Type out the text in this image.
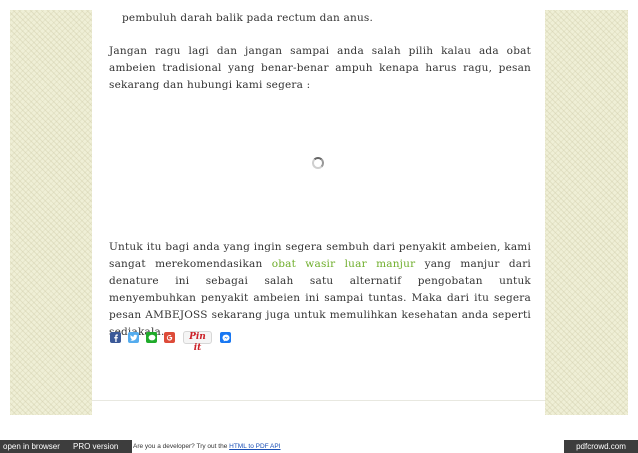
pembuluh darah balik pada rectum dan anus.
Jangan ragu lagi dan jangan sampai anda salah pilih kalau ada obat ambeien tradisional yang benar-benar ampuh kenapa harus ragu, pesan sekarang dan hubungi kami segera :
Untuk itu bagi anda yang ingin segera sembuh dari penyakit ambeien, kami sangat merekomendasikan obat wasir luar manjur yang manjur dari denature ini sebagai salah satu alternatif pengobatan untuk menyembuhkan penyakit ambeien ini sampai tuntas. Maka dari itu segera pesan AMBEJOSS sekarang juga untuk memulihkan kesehatan anda seperti
Pin it
open in browser	PRO version	Are you a developer? Try out the HTML to PDF API	pdfcrowd.com
